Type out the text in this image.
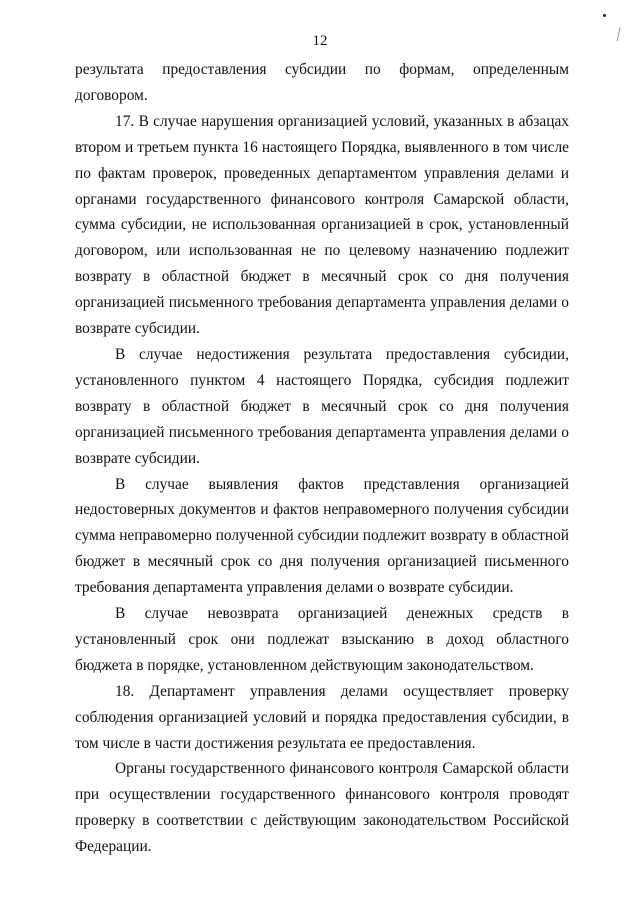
12

результата предоставления субсидии по формам, определенным договором.

17. В случае нарушения организацией условий, указанных в абзацах втором и третьем пункта 16 настоящего Порядка, выявленного в том числе по фактам проверок, проведенных департаментом управления делами и органами государственного финансового контроля Самарской области, сумма субсидии, не использованная организацией в срок, установленный договором, или использованная не по целевому назначению подлежит возврату в областной бюджет в месячный срок со дня получения организацией письменного требования департамента управления делами о возврате субсидии.

В случае недостижения результата предоставления субсидии, установленного пунктом 4 настоящего Порядка, субсидия подлежит возврату в областной бюджет в месячный срок со дня получения организацией письменного требования департамента управления делами о возврате субсидии.

В случае выявления фактов представления организацией недостоверных документов и фактов неправомерного получения субсидии сумма неправомерно полученной субсидии подлежит возврату в областной бюджет в месячный срок со дня получения организацией письменного требования департамента управления делами о возврате субсидии.

В случае невозврата организацией денежных средств в установленный срок они подлежат взысканию в доход областного бюджета в порядке, установленном действующим законодательством.

18. Департамент управления делами осуществляет проверку соблюдения организацией условий и порядка предоставления субсидии, в том числе в части достижения результата ее предоставления.

Органы государственного финансового контроля Самарской области при осуществлении государственного финансового контроля проводят проверку в соответствии с действующим законодательством Российской Федерации.
